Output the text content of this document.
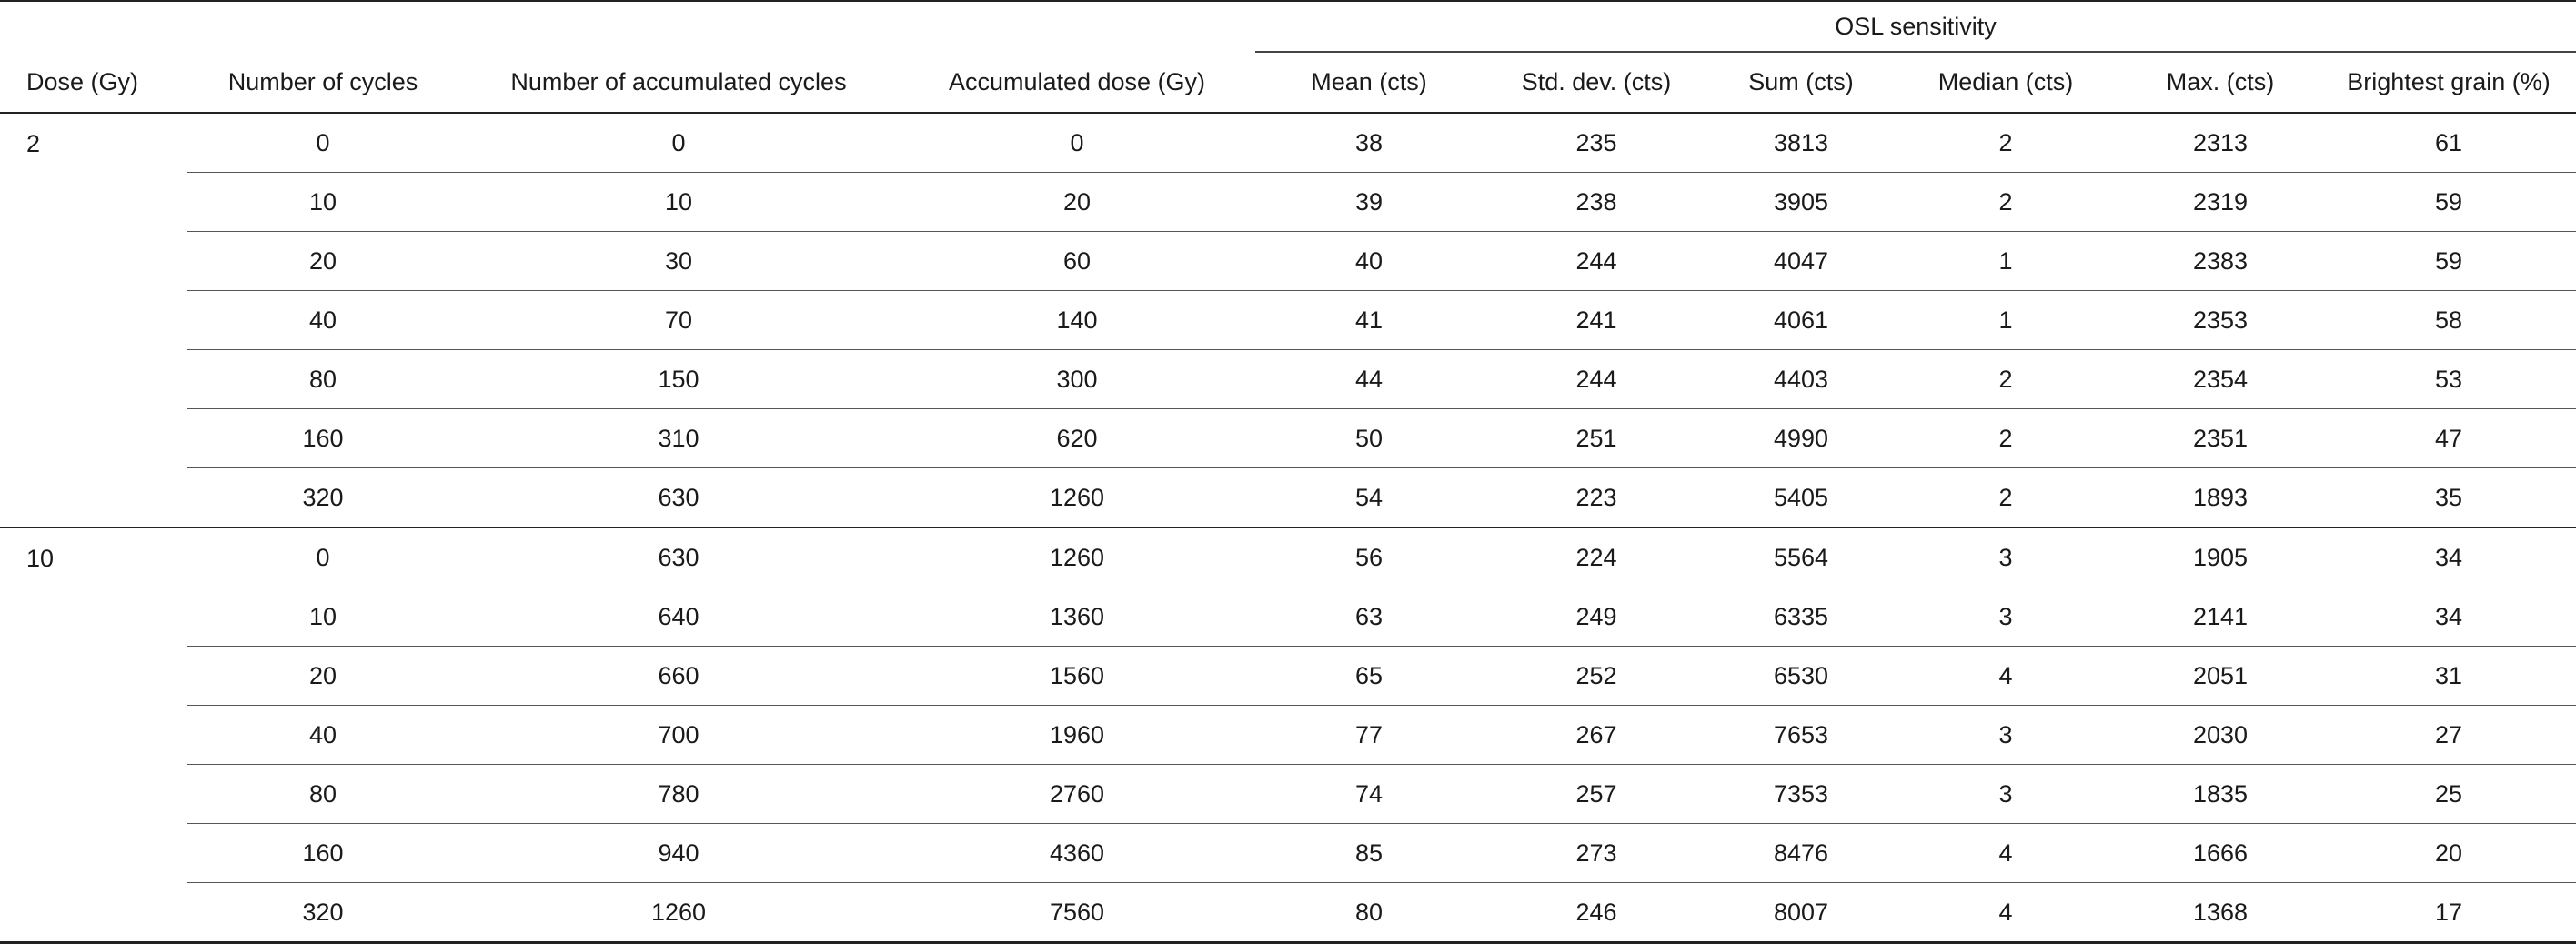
				OSL sensitivity					
Dose (Gy)	Number of cycles	Number of accumulated cycles	Accumulated dose (Gy)	Mean (cts)	Std. dev. (cts)	Sum (cts)	Median (cts)	Max. (cts)	Brightest grain (%)
2	0	0	0	38	235	3813	2	2313	61
	10	10	20	39	238	3905	2	2319	59
	20	30	60	40	244	4047	1	2383	59
	40	70	140	41	241	4061	1	2353	58
	80	150	300	44	244	4403	2	2354	53
	160	310	620	50	251	4990	2	2351	47
	320	630	1260	54	223	5405	2	1893	35
10	0	630	1260	56	224	5564	3	1905	34
	10	640	1360	63	249	6335	3	2141	34
	20	660	1560	65	252	6530	4	2051	31
	40	700	1960	77	267	7653	3	2030	27
	80	780	2760	74	257	7353	3	1835	25
	160	940	4360	85	273	8476	4	1666	20
	320	1260	7560	80	246	8007	4	1368	17
